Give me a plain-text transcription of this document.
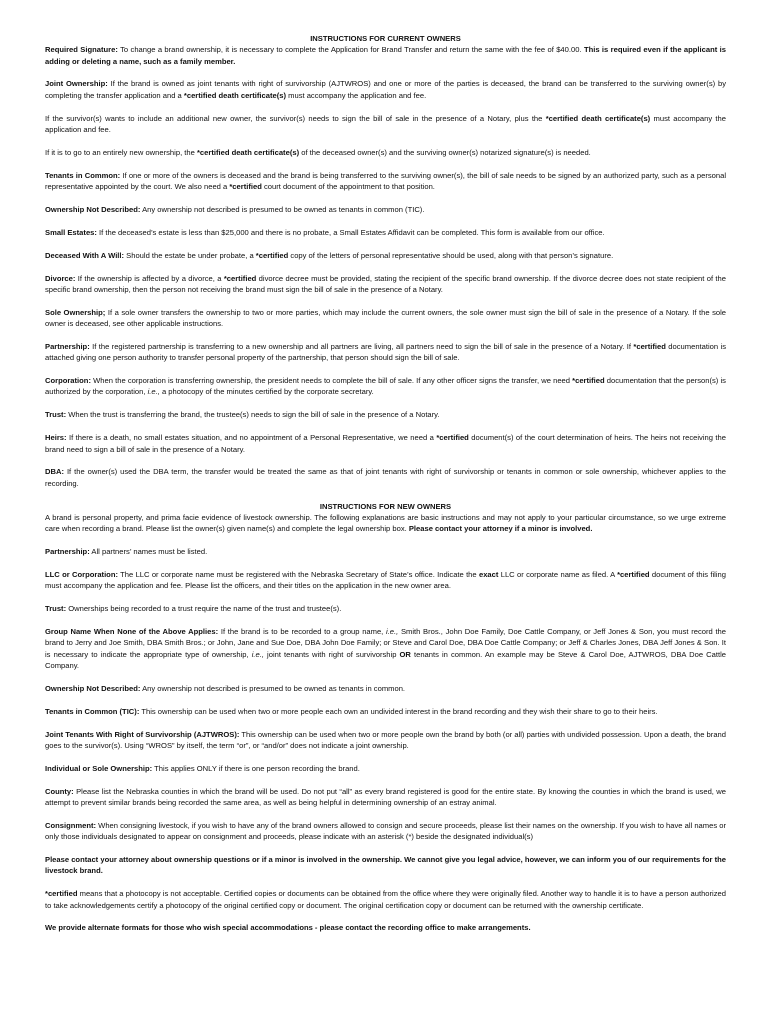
INSTRUCTIONS FOR CURRENT OWNERS

Required Signature: To change a brand ownership, it is necessary to complete the Application for Brand Transfer and return the same with the fee of $40.00. This is required even if the applicant is adding or deleting a name, such as a family member.

Joint Ownership: If the brand is owned as joint tenants with right of survivorship (AJTWROS) and one or more of the parties is deceased, the brand can be transferred to the surviving owner(s) by completing the transfer application and a *certified death certificate(s) must accompany the application and fee.

If the survivor(s) wants to include an additional new owner, the survivor(s) needs to sign the bill of sale in the presence of a Notary, plus the *certified death certificate(s) must accompany the application and fee.

If it is to go to an entirely new ownership, the *certified death certificate(s) of the deceased owner(s) and the surviving owner(s) notarized signature(s) is needed.

Tenants in Common: If one or more of the owners is deceased and the brand is being transferred to the surviving owner(s), the bill of sale needs to be signed by an authorized party, such as a personal representative appointed by the court. We also need a *certified court document of the appointment to that position.

Ownership Not Described: Any ownership not described is presumed to be owned as tenants in common (TIC).

Small Estates: If the deceased’s estate is less than $25,000 and there is no probate, a Small Estates Affidavit can be completed. This form is available from our office.

Deceased With A Will: Should the estate be under probate, a *certified copy of the letters of personal representative should be used, along with that person’s signature.

Divorce: If the ownership is affected by a divorce, a *certified divorce decree must be provided, stating the recipient of the specific brand ownership. If the divorce decree does not state recipient of the specific brand ownership, then the person not receiving the brand must sign the bill of sale in the presence of a Notary.

Sole Ownership; If a sole owner transfers the ownership to two or more parties, which may include the current owners, the sole owner must sign the bill of sale in the presence of a Notary. If the sole owner is deceased, see other applicable instructions.

Partnership: If the registered partnership is transferring to a new ownership and all partners are living, all partners need to sign the bill of sale in the presence of a Notary. If *certified documentation is attached giving one person authority to transfer personal property of the partnership, that person should sign the bill of sale.

Corporation: When the corporation is transferring ownership, the president needs to complete the bill of sale. If any other officer signs the transfer, we need *certified documentation that the person(s) is authorized by the corporation, i.e., a photocopy of the minutes certified by the corporate secretary.

Trust: When the trust is transferring the brand, the trustee(s) needs to sign the bill of sale in the presence of a Notary.

Heirs: If there is a death, no small estates situation, and no appointment of a Personal Representative, we need a *certified document(s) of the court determination of heirs. The heirs not receiving the brand need to sign a bill of sale in the presence of a Notary.

DBA: If the owner(s) used the DBA term, the transfer would be treated the same as that of joint tenants with right of survivorship or tenants in common or sole ownership, whichever applies to the recording.

INSTRUCTIONS FOR NEW OWNERS

A brand is personal property, and prima facie evidence of livestock ownership. The following explanations are basic instructions and may not apply to your particular circumstance, so we urge extreme care when recording a brand. Please list the owner(s) given name(s) and complete the legal ownership box. Please contact your attorney if a minor is involved.

Partnership: All partners’ names must be listed.

LLC or Corporation: The LLC or corporate name must be registered with the Nebraska Secretary of State’s office. Indicate the exact LLC or corporate name as filed. A *certified document of this filing must accompany the application and fee. Please list the officers, and their titles on the application in the new owner area.

Trust: Ownerships being recorded to a trust require the name of the trust and trustee(s).

Group Name When None of the Above Applies: If the brand is to be recorded to a group name, i.e., Smith Bros., John Doe Family, Doe Cattle Company, or Jeff Jones & Son, you must record the brand to Jerry and Joe Smith, DBA Smith Bros.; or John, Jane and Sue Doe, DBA John Doe Family; or Steve and Carol Doe, DBA Doe Cattle Company; or Jeff & Charles Jones, DBA Jeff Jones & Son. It is necessary to indicate the appropriate type of ownership, i.e., joint tenants with right of survivorship OR tenants in common. An example may be Steve & Carol Doe, AJTWROS, DBA Doe Cattle Company.

Ownership Not Described: Any ownership not described is presumed to be owned as tenants in common.

Tenants in Common (TIC): This ownership can be used when two or more people each own an undivided interest in the brand recording and they wish their share to go to their heirs.

Joint Tenants With Right of Survivorship (AJTWROS): This ownership can be used when two or more people own the brand by both (or all) parties with undivided possession. Upon a death, the brand goes to the survivor(s). Using “WROS” by itself, the term “or”, or “and/or” does not indicate a joint ownership.

Individual or Sole Ownership: This applies ONLY if there is one person recording the brand.

County: Please list the Nebraska counties in which the brand will be used. Do not put “all” as every brand registered is good for the entire state. By knowing the counties in which the brand is used, we attempt to prevent similar brands being recorded the same area, as well as being helpful in determining ownership of an estray animal.

Consignment: When consigning livestock, if you wish to have any of the brand owners allowed to consign and secure proceeds, please list their names on the ownership. If you wish to have all names or only those individuals designated to appear on consignment and proceeds, please indicate with an asterisk (*) beside the designated individual(s)

Please contact your attorney about ownership questions or if a minor is involved in the ownership. We cannot give you legal advice, however, we can inform you of our requirements for the livestock brand.

*certified means that a photocopy is not acceptable. Certified copies or documents can be obtained from the office where they were originally filed. Another way to handle it is to have a person authorized to take acknowledgements certify a photocopy of the original certified copy or document. The original certification copy or document can be returned with the ownership certificate.

We provide alternate formats for those who wish special accommodations - please contact the recording office to make arrangements.
